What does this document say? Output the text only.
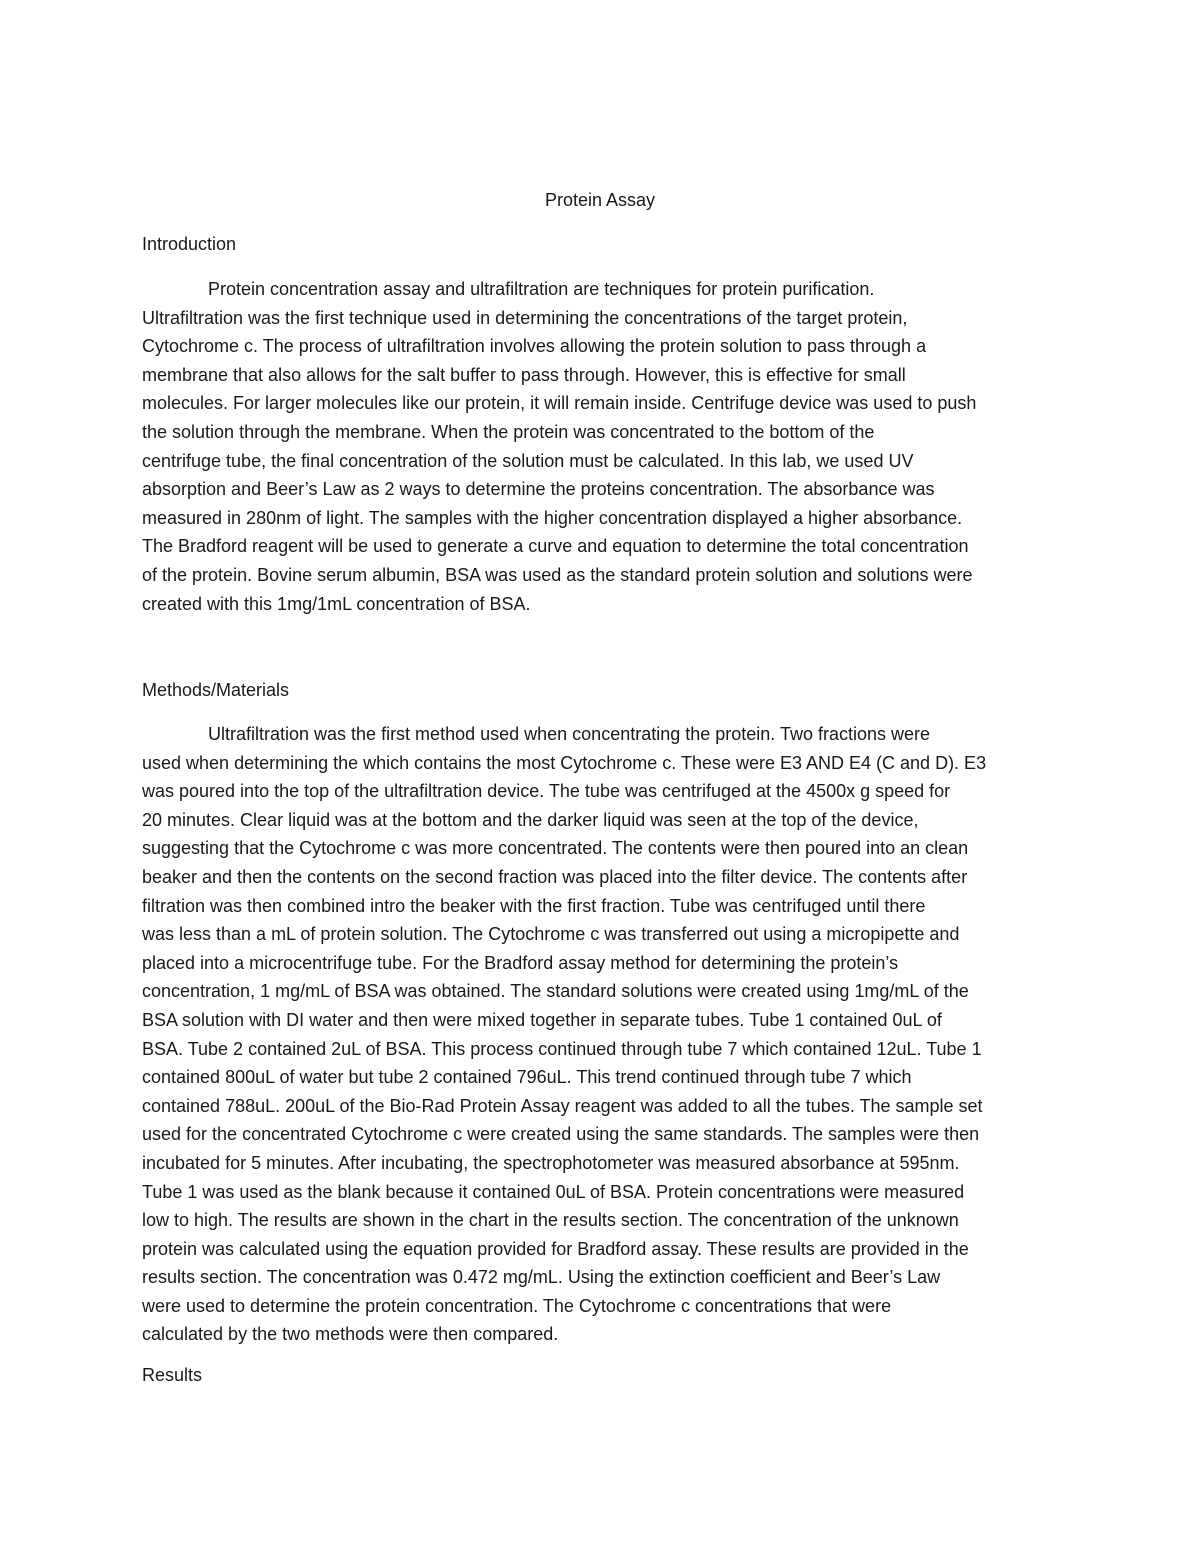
Protein Assay
Introduction

Protein concentration assay and ultrafiltration are techniques for protein purification.
Ultrafiltration was the first technique used in determining the concentrations of the target protein,
Cytochrome c. The process of ultrafiltration involves allowing the protein solution to pass through a
membrane that also allows for the salt buffer to pass through. However, this is effective for small
molecules. For larger molecules like our protein, it will remain inside. Centrifuge device was used to push
the solution through the membrane. When the protein was concentrated to the bottom of the
centrifuge tube, the final concentration of the solution must be calculated. In this lab, we used UV
absorption and Beer’s Law as 2 ways to determine the proteins concentration. The absorbance was
measured in 280nm of light. The samples with the higher concentration displayed a higher absorbance.
The Bradford reagent will be used to generate a curve and equation to determine the total concentration
of the protein. Bovine serum albumin, BSA was used as the standard protein solution and solutions were
created with this 1mg/1mL concentration of BSA.

Methods/Materials

Ultrafiltration was the first method used when concentrating the protein. Two fractions were
used when determining the which contains the most Cytochrome c. These were E3 AND E4 (C and D). E3
was poured into the top of the ultrafiltration device. The tube was centrifuged at the 4500x g speed for
20 minutes. Clear liquid was at the bottom and the darker liquid was seen at the top of the device,
suggesting that the Cytochrome c was more concentrated. The contents were then poured into an clean
beaker and then the contents on the second fraction was placed into the filter device. The contents after
filtration was then combined intro the beaker with the first fraction. Tube was centrifuged until there
was less than a mL of protein solution. The Cytochrome c was transferred out using a micropipette and
placed into a microcentrifuge tube. For the Bradford assay method for determining the protein’s
concentration, 1 mg/mL of BSA was obtained. The standard solutions were created using 1mg/mL of the
BSA solution with DI water and then were mixed together in separate tubes. Tube 1 contained 0uL of
BSA. Tube 2 contained 2uL of BSA. This process continued through tube 7 which contained 12uL. Tube 1
contained 800uL of water but tube 2 contained 796uL. This trend continued through tube 7 which
contained 788uL. 200uL of the Bio-Rad Protein Assay reagent was added to all the tubes. The sample set
used for the concentrated Cytochrome c were created using the same standards. The samples were then
incubated for 5 minutes. After incubating, the spectrophotometer was measured absorbance at 595nm.
Tube 1 was used as the blank because it contained 0uL of BSA. Protein concentrations were measured
low to high. The results are shown in the chart in the results section. The concentration of the unknown
protein was calculated using the equation provided for Bradford assay. These results are provided in the
results section. The concentration was 0.472 mg/mL. Using the extinction coefficient and Beer’s Law
were used to determine the protein concentration. The Cytochrome c concentrations that were
calculated by the two methods were then compared.

Results
